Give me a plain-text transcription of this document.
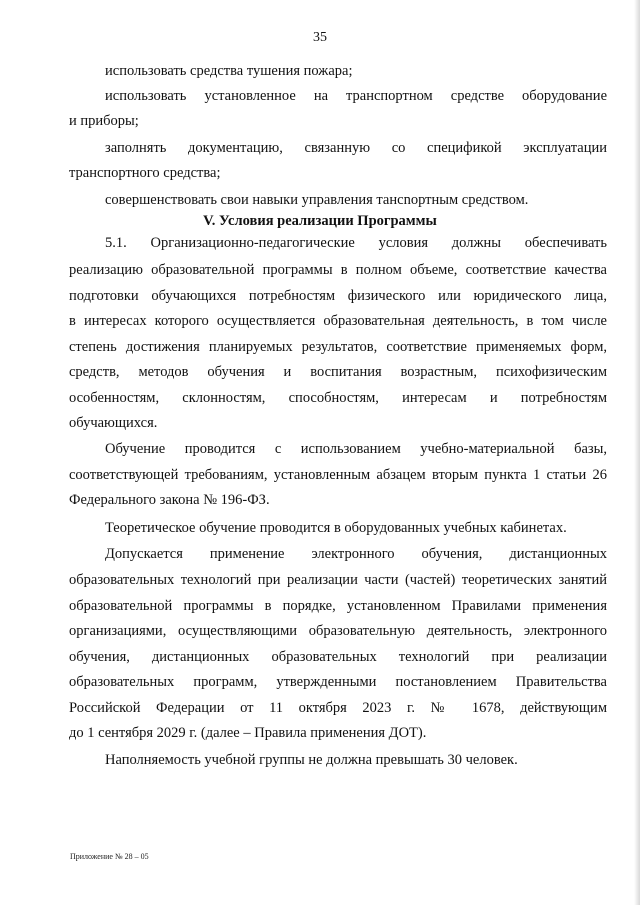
35
использовать средства тушения пожара;
использовать установленное на транспортном средстве оборудование
и приборы;
заполнять документацию, связанную со спецификой эксплуатации
транспортного средства;
совершенствовать свои навыки управления тансnортным средством.
V. Условия реализации Программы
5.1. Организационно-педагогические условия должны обеспечивать
реализацию образовательной программы в полном объеме, соответствие качества
подготовки обучающихся потребностям физического или юридического лица,
в интересах которого осуществляется образовательная деятельность, в том числе
степень достижения планируемых результатов, соответствие применяемых форм,
средств, методов обучения и воспитания возрастным, психофизическим
особенностям, склонностям, способностям, интересам и потребностям
обучающихся.
Обучение проводится с использованием учебно-материальной базы,
соответствующей требованиям, установленным абзацем вторым пункта 1 статьи 26
Федерального закона № 196-ФЗ.
Теоретическое обучение проводится в оборудованных учебных кабинетах.
Допускается применение электронного обучения, дистанционных
образовательных технологий при реализации части (частей) теоретических занятий
образовательной программы в порядке, установленном Правилами применения
организациями, осуществляющими образовательную деятельность, электронного
обучения, дистанционных образовательных технологий при реализации
образовательных программ, утвержденными постановлением Правительства
Российской Федерации от 11 октября 2023 г. № 1678, действующим
до 1 сентября 2029 г. (далее – Правила применения ДОТ).
Наполняемость учебной группы не должна превышать 30 человек.
Приложение № 28 – 05
